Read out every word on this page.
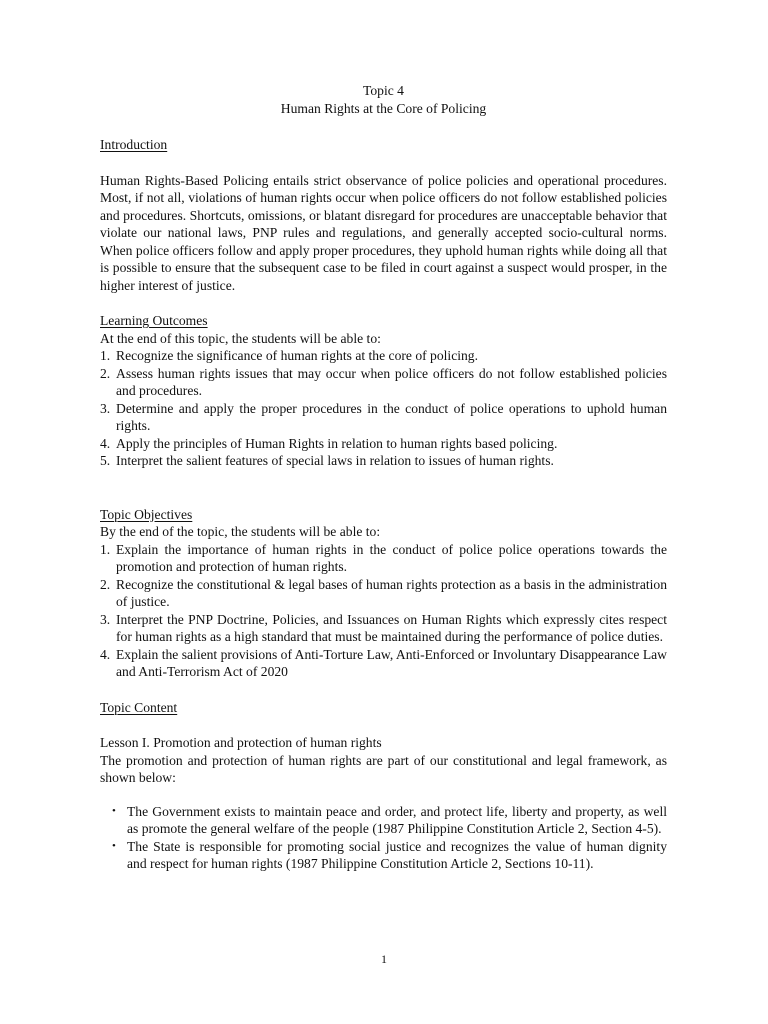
Topic 4
Human Rights at the Core of Policing
Introduction

Human Rights-Based Policing entails strict observance of police policies and operational procedures. Most, if not all, violations of human rights occur when police officers do not follow established policies and procedures. Shortcuts, omissions, or blatant disregard for procedures are unacceptable behavior that violate our national laws, PNP rules and regulations, and generally accepted socio-cultural norms. When police officers follow and apply proper procedures, they uphold human rights while doing all that is possible to ensure that the subsequent case to be filed in court against a suspect would prosper, in the higher interest of justice.

Learning Outcomes
At the end of this topic, the students will be able to:
1. Recognize the significance of human rights at the core of policing.
2. Assess human rights issues that may occur when police officers do not follow established policies and procedures.
3. Determine and apply the proper procedures in the conduct of police operations to uphold human rights.
4. Apply the principles of Human Rights in relation to human rights based policing.
5. Interpret the salient features of special laws in relation to issues of human rights.
Topic Objectives
By the end of the topic, the students will be able to:
1. Explain the importance of human rights in the conduct of police police operations towards the promotion and protection of human rights.
2. Recognize the constitutional & legal bases of human rights protection as a basis in the administration of justice.
3. Interpret the PNP Doctrine, Policies, and Issuances on Human Rights which expressly cites respect for human rights as a high standard that must be maintained during the performance of police duties.
4. Explain the salient provisions of Anti-Torture Law, Anti-Enforced or Involuntary Disappearance Law and Anti-Terrorism Act of 2020
Topic Content
Lesson I. Promotion and protection of human rights

The promotion and protection of human rights are part of our constitutional and legal framework, as shown below:

• The Government exists to maintain peace and order, and protect life, liberty and property, as well as promote the general welfare of the people (1987 Philippine Constitution Article 2, Section 4-5).
• The State is responsible for promoting social justice and recognizes the value of human dignity and respect for human rights (1987 Philippine Constitution Article 2, Sections 10-11).
1
